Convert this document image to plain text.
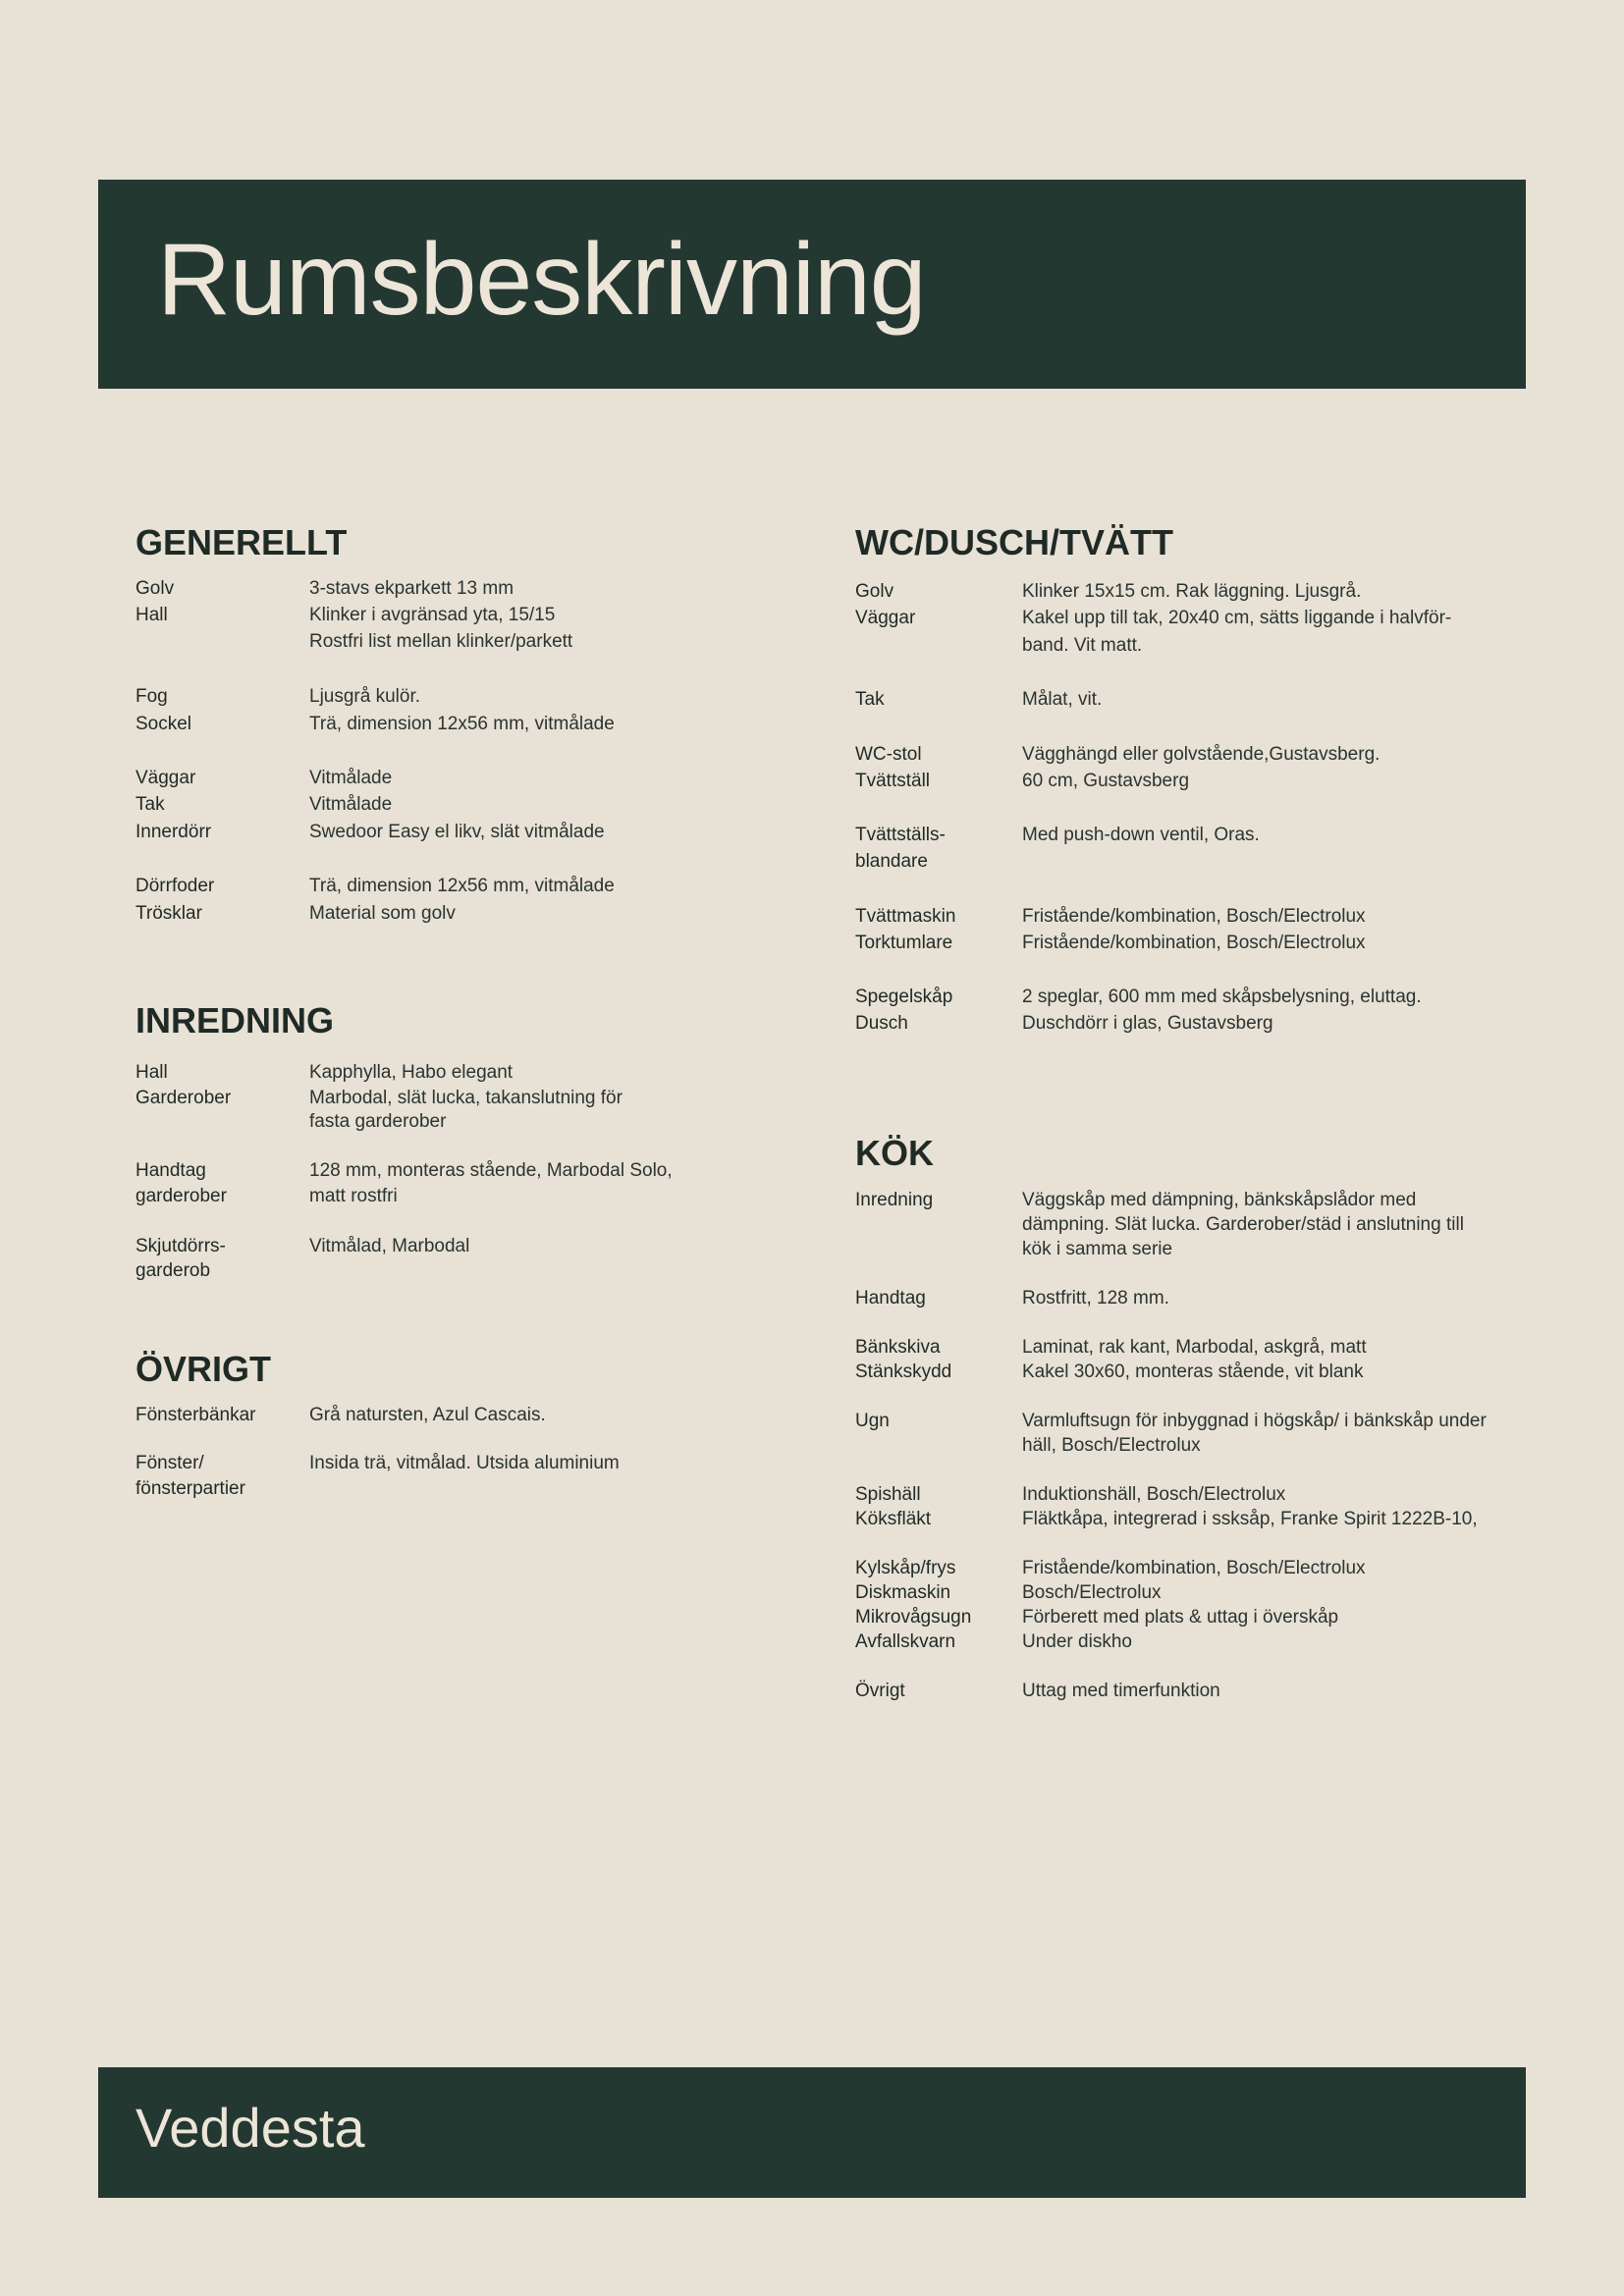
Rumsbeskrivning
GENERELLT
Golv	3-stavs ekparkett 13 mm
Hall	Klinker i avgränsad yta, 15/15
Rostfri list mellan klinker/parkett
Fog	Ljusgrå kulör.
Sockel	Trä, dimension 12x56 mm, vitmålade
Väggar	Vitmålade
Tak	Vitmålade
Innerdörr	Swedoor Easy el likv, slät vitmålade
Dörrfoder	Trä, dimension 12x56 mm, vitmålade
Trösklar	Material som golv
INREDNING
Hall	Kapphylla, Habo elegant
Garderober	Marbodal, slät lucka, takanslutning för
fasta garderober
Handtag	128 mm, monteras stående, Marbodal Solo,
garderober	matt rostfri
Skjutdörrs-	Vitmålad, Marbodal
garderob
ÖVRIGT
Fönsterbänkar	Grå natursten, Azul Cascais.
Fönster/	Insida trä, vitmålad. Utsida aluminium
fönsterpartier
WC/DUSCH/TVÄTT
Golv	Klinker 15x15 cm. Rak läggning. Ljusgrå.
Väggar	Kakel upp till tak, 20x40 cm, sätts liggande i halvför-
band. Vit matt.
Tak	Målat, vit.
WC-stol	Vägghängd eller golvstående,Gustavsberg.
Tvättställ	60 cm, Gustavsberg
Tvättställs-	Med push-down ventil, Oras.
blandare
Tvättmaskin	Fristående/kombination, Bosch/Electrolux
Torktumlare	Fristående/kombination, Bosch/Electrolux
Spegelskåp	2 speglar, 600 mm med skåpsbelysning, eluttag.
Dusch	Duschdörr i glas, Gustavsberg
KÖK
Inredning	Väggskåp med dämpning, bänkskåpslådor med
dämpning. Slät lucka. Garderober/städ i anslutning till
kök i samma serie
Handtag	Rostfritt, 128 mm.
Bänkskiva	Laminat, rak kant, Marbodal, askgrå, matt
Stänkskydd	Kakel 30x60, monteras stående, vit blank
Ugn	Varmluftsugn för inbyggnad i högskåp/ i bänkskåp under
häll, Bosch/Electrolux
Spishäll	Induktionshäll, Bosch/Electrolux
Köksfläkt	Fläktkåpa, integrerad i ssksåp, Franke Spirit 1222B-10,
Kylskåp/frys	Fristående/kombination, Bosch/Electrolux
Diskmaskin	Bosch/Electrolux
Mikrovågsugn	Förberett med plats & uttag i överskåp
Avfallskvarn	Under diskho
Övrigt	Uttag med timerfunktion
Veddesta
